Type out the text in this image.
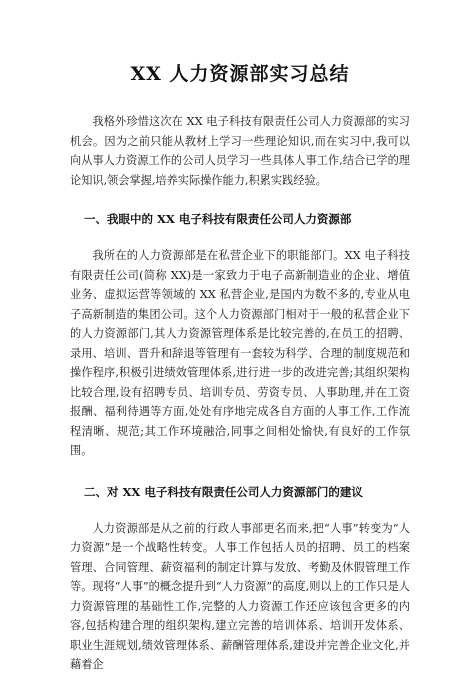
XX 人力资源部实习总结

我格外珍惜这次在 XX 电子科技有限责任公司人力资源部的实习机会。因为之前只能从教材上学习一些理论知识,而在实习中,我可以向从事人力资源工作的公司人员学习一些具体人事工作,结合已学的理论知识,领会掌握,培养实际操作能力,积累实践经验。

一、我眼中的 XX 电子科技有限责任公司人力资源部

我所在的人力资源部是在私营企业下的职能部门。XX 电子科技有限责任公司(简称 XX)是一家致力于电子高新制造业的企业、增值业务、虚拟运营等领域的 XX 私营企业,是国内为数不多的,专业从电子高新制造的集团公司。这个人力资源部门相对于一般的私营企业下的人力资源部门,其人力资源管理体系是比较完善的,在员工的招聘、录用、培训、晋升和辞退等管理有一套较为科学、合理的制度规范和操作程序,积极引进绩效管理体系,进行进一步的改进完善;其组织架构比较合理,设有招聘专员、培训专员、劳资专员、人事助理,并在工资报酬、福利待遇等方面,处处有序地完成各自方面的人事工作,工作流程清晰、规范;其工作环境融洽,同事之间相处愉快,有良好的工作氛围。

二、对 XX 电子科技有限责任公司人力资源部门的建议

人力资源部是从之前的行政人事部更名而来,把“人事”转变为“人力资源”是一个战略性转变。人事工作包括人员的招聘、员工的档案管理、合同管理、薪资福利的制定计算与发放、考勤及休假管理工作等。现将“人事”的概念提升到“人力资源”的高度,则以上的工作只是人力资源管理的基础性工作,完整的人力资源工作还应该包含更多的内容,包括构建合理的组织架构,建立完善的培训体系、培训开发体系、职业生涯规划,绩效管理体系、薪酬管理体系,建设并完善企业文化,并藉着企
